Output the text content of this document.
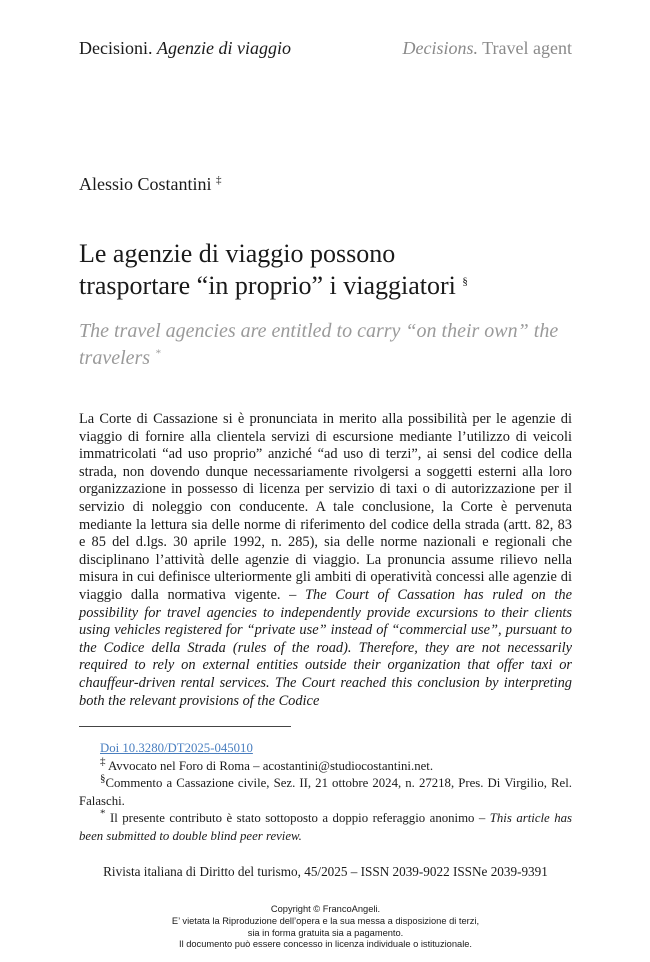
Decisioni. Agenzie di viaggio	Decisions. Travel agent
Alessio Costantini ‡
Le agenzie di viaggio possono
trasportare “in proprio” i viaggiatori §
The travel agencies are entitled to carry “on their own” the travelers *
La Corte di Cassazione si è pronunciata in merito alla possibilità per le agenzie di viaggio di fornire alla clientela servizi di escursione mediante l’utilizzo di veicoli immatricolati “ad uso proprio” anziché “ad uso di terzi”, ai sensi del codice della strada, non dovendo dunque necessariamente rivolgersi a soggetti esterni alla loro organizzazione in possesso di licenza per servizio di taxi o di autorizzazione per il servizio di noleggio con conducente. A tale conclusione, la Corte è pervenuta mediante la lettura sia delle norme di riferimento del codice della strada (artt. 82, 83 e 85 del d.lgs. 30 aprile 1992, n. 285), sia delle norme nazionali e regionali che disciplinano l’attività delle agenzie di viaggio. La pronuncia assume rilievo nella misura in cui definisce ulteriormente gli ambiti di operatività concessi alle agenzie di viaggio dalla normativa vigente. – The Court of Cassation has ruled on the possibility for travel agencies to independently provide excursions to their clients using vehicles registered for “private use” instead of “commercial use”, pursuant to the Codice della Strada (rules of the road). Therefore, they are not necessarily required to rely on external entities outside their organization that offer taxi or chauffeur-driven rental services. The Court reached this conclusion by interpreting both the relevant provisions of the Codice

Doi 10.3280/DT2025-045010

‡ Avvocato nel Foro di Roma – acostantini@studiocostantini.net.

§Commento a Cassazione civile, Sez. II, 21 ottobre 2024, n. 27218, Pres. Di Virgilio, Rel. Falaschi.

* Il presente contributo è stato sottoposto a doppio referaggio anonimo – This article has been submitted to double blind peer review.

Rivista italiana di Diritto del turismo, 45/2025 – ISSN 2039-9022 ISSNe 2039-9391
Copyright © FrancoAngeli.
E’ vietata la Riproduzione dell’opera e la sua messa a disposizione di terzi,
sia in forma gratuita sia a pagamento.
Il documento può essere concesso in licenza individuale o istituzionale.
